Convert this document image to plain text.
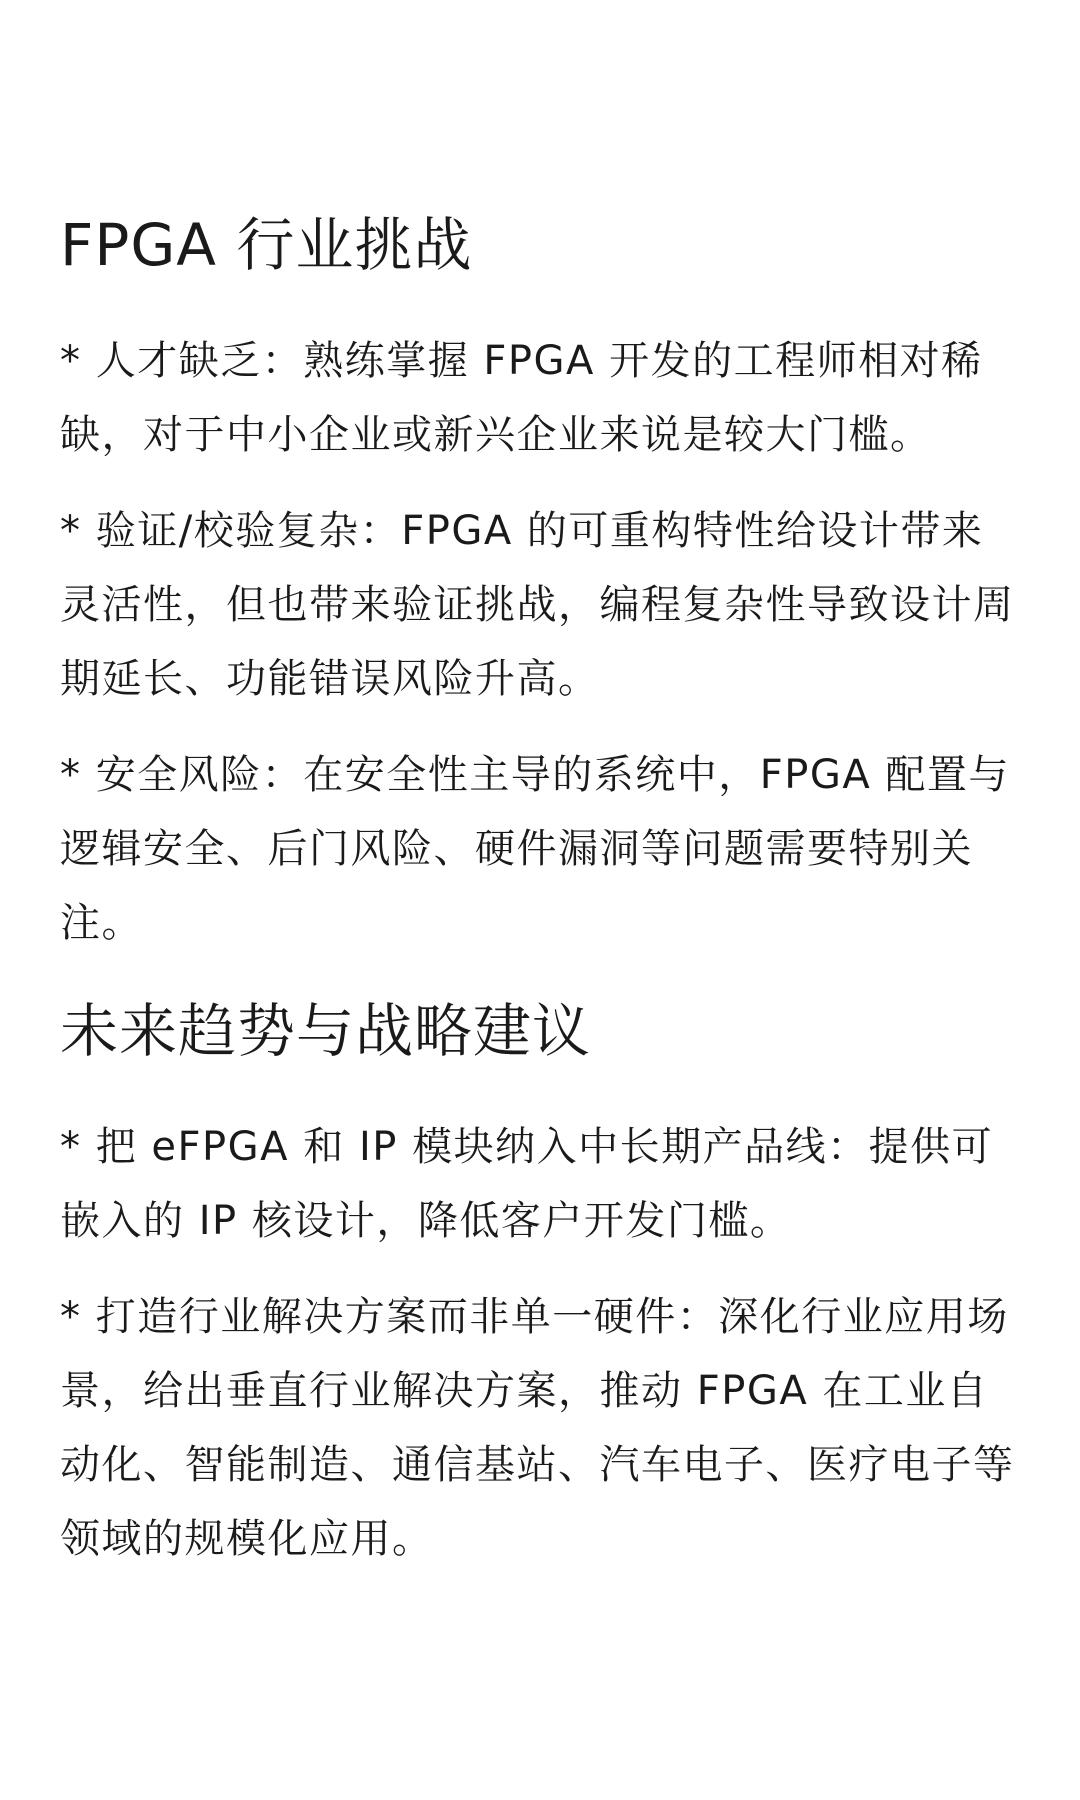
FPGA 行业挑战

* 人才缺乏：熟练掌握 FPGA 开发的工程师相对稀缺，对于中小企业或新兴企业来说是较大门槛。

* 验证/校验复杂：FPGA 的可重构特性给设计带来灵活性，但也带来验证挑战，编程复杂性导致设计周期延长、功能错误风险升高。

* 安全风险：在安全性主导的系统中，FPGA 配置与逻辑安全、后门风险、硬件漏洞等问题需要特别关注。

未来趋势与战略建议

* 把 eFPGA 和 IP 模块纳入中长期产品线：提供可嵌入的 IP 核设计，降低客户开发门槛。

* 打造行业解决方案而非单一硬件：深化行业应用场景，给出垂直行业解决方案，推动 FPGA 在工业自动化、智能制造、通信基站、汽车电子、医疗电子等领域的规模化应用。
